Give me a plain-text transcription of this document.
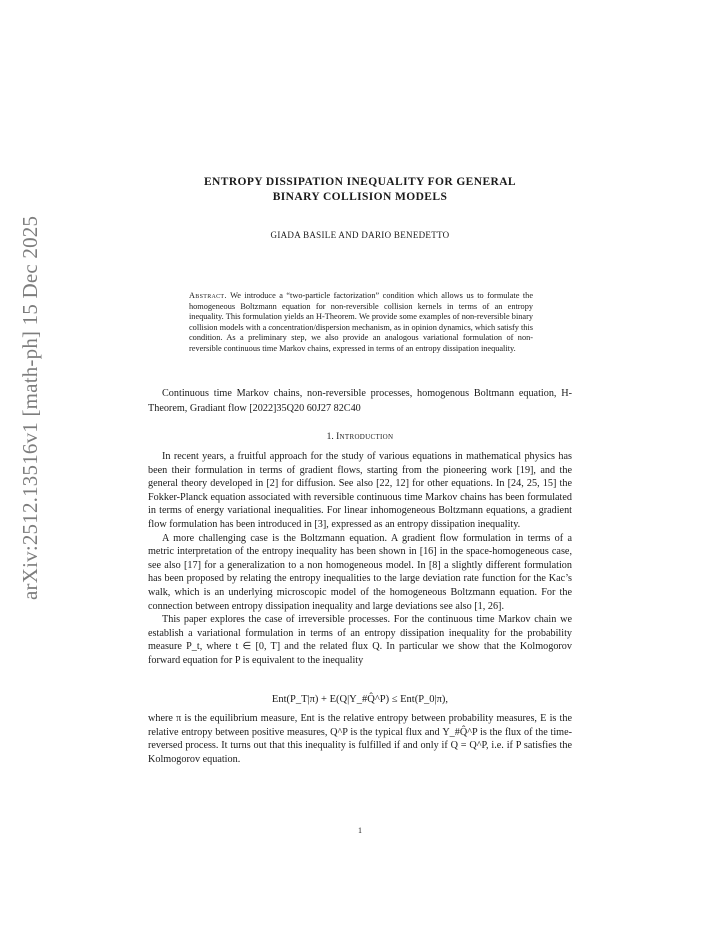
arXiv:2512.13516v1 [math-ph] 15 Dec 2025
ENTROPY DISSIPATION INEQUALITY FOR GENERAL
BINARY COLLISION MODELS
GIADA BASILE AND DARIO BENEDETTO
Abstract. We introduce a “two-particle factorization” condition which allows us to formulate the homogeneous Boltzmann equation for non-reversible collision kernels in terms of an entropy inequality. This formulation yields an H-Theorem. We provide some examples of non-reversible binary collision models with a concentration/dispersion mechanism, as in opinion dynamics, which satisfy this condition. As a preliminary step, we also provide an analogous variational formulation of non-reversible continuous time Markov chains, expressed in terms of an entropy dissipation inequality.
Continuous time Markov chains, non-reversible processes, homogenous Boltmann equation, H-Theorem, Gradiant flow [2022]35Q20 60J27 82C40
1. Introduction

In recent years, a fruitful approach for the study of various equations in mathematical physics has been their formulation in terms of gradient flows, starting from the pioneering work [19], and the general theory developed in [2] for diffusion. See also [22, 12] for other equations. In [24, 25, 15] the Fokker-Planck equation associated with reversible continuous time Markov chains has been formulated in terms of energy variational inequalities. For linear inhomogeneous Boltzmann equations, a gradient flow formulation has been introduced in [3], expressed as an entropy dissipation inequality.

A more challenging case is the Boltzmann equation. A gradient flow formulation in terms of a metric interpretation of the entropy inequality has been shown in [16] in the space-homogeneous case, see also [17] for a generalization to a non homogeneous model. In [8] a slightly different formulation has been proposed by relating the entropy inequalities to the large deviation rate function for the Kac’s walk, which is an underlying microscopic model of the homogeneous Boltzmann equation. For the connection between entropy dissipation inequality and large deviations see also [1, 26].

This paper explores the case of irreversible processes. For the continuous time Markov chain we establish a variational formulation in terms of an entropy dissipation inequality for the probability measure P_t, where t ∈ [0, T] and the related flux Q. In particular we show that the Kolmogorov forward equation for P is equivalent to the inequality

Ent(P_T|π) + E(Q|Υ_#Q̂^P) ≤ Ent(P_0|π),

where π is the equilibrium measure, Ent is the relative entropy between probability measures, E is the relative entropy between positive measures, Q^P is the typical flux and Υ_#Q̂^P is the flux of the time-reversed process. It turns out that this inequality is fulfilled if and only if Q = Q^P, i.e. if P satisfies the Kolmogorov equation.

1
